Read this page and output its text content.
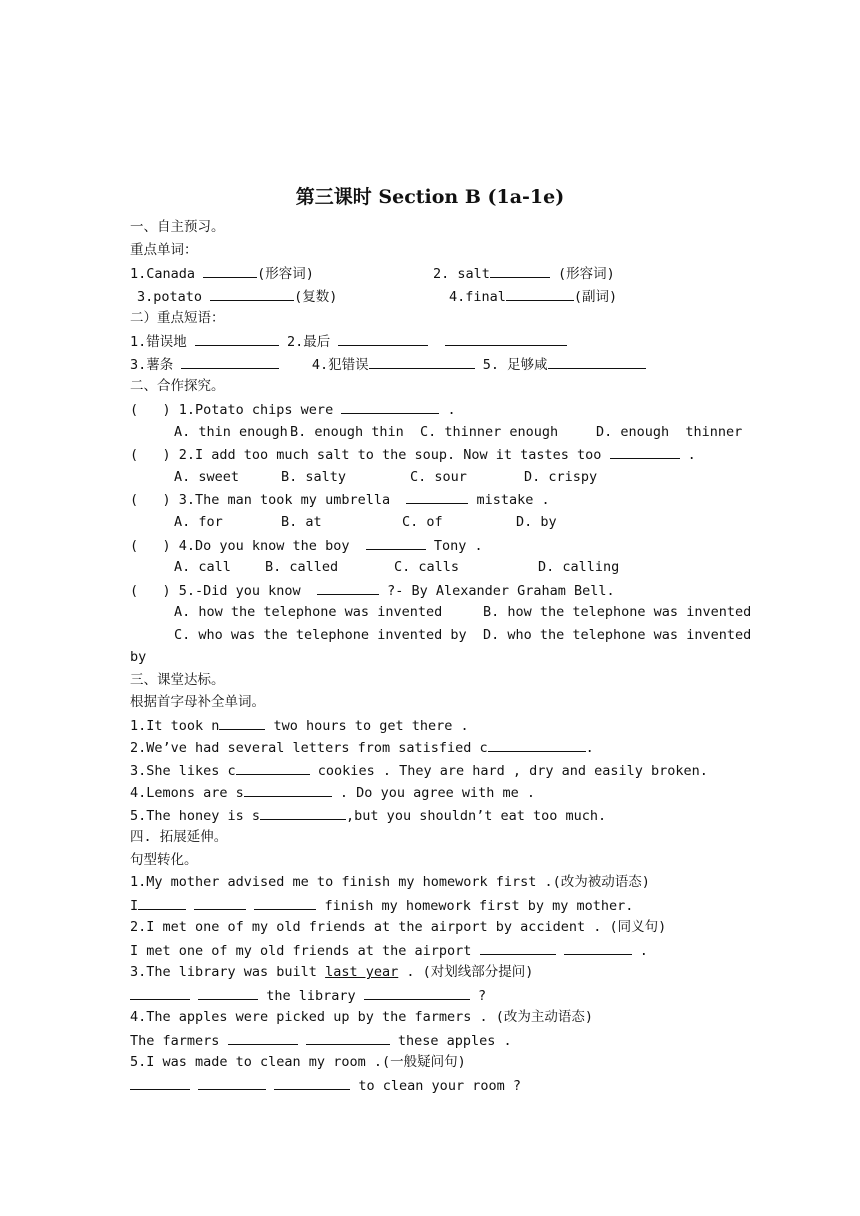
第三课时 Section B (1a-1e)
一、自主预习。
重点单词：
1.Canada	(形容词)	2. salt	(形容词)
3.potato	(复数)	4.final	(副词)
二）重点短语：
1.错误地	2.最后
3.薯条	4.犯错误	5. 足够咸
二、合作探究。
(   ) 1.Potato chips were	.
A. thin enough B. enough thin C. thinner enough	D. enough  thinner
(   ) 2.I add too much salt to the soup. Now it tastes too	.
A. sweet	B. salty	C. sour	D. crispy
(   ) 3.The man took my umbrella	mistake .
A. for	B. at	C. of	D. by
(   ) 4.Do you know the boy	Tony .
A. call	B. called	C. calls	D. calling
(   ) 5.-Did you know	?- By Alexander Graham Bell.
A. how the telephone was invented	B. how the telephone was invented
C. who was the telephone invented by D. who the telephone was invented
by
三、课堂达标。
根据首字母补全单词。
1.It took n	two hours to get there .
2.We’ve had several letters from satisfied c	.
3.She likes c	cookies . They are hard , dry and easily broken.
4.Lemons are s	. Do you agree with me .
5.The honey is s	,but you shouldn’t eat too much.
四. 拓展延伸。
句型转化。
1.My mother advised me to finish my homework first .(改为被动语态)
I	finish my homework first by my mother.
2.I met one of my old friends at the airport by accident . (同义句)
I met one of my old friends at the airport	.
3.The library was built last year . (对划线部分提问)
the library	?
4.The apples were picked up by the farmers . (改为主动语态)
The farmers	these apples .
5.I was made to clean my room .(一般疑问句)
to clean your room ?
